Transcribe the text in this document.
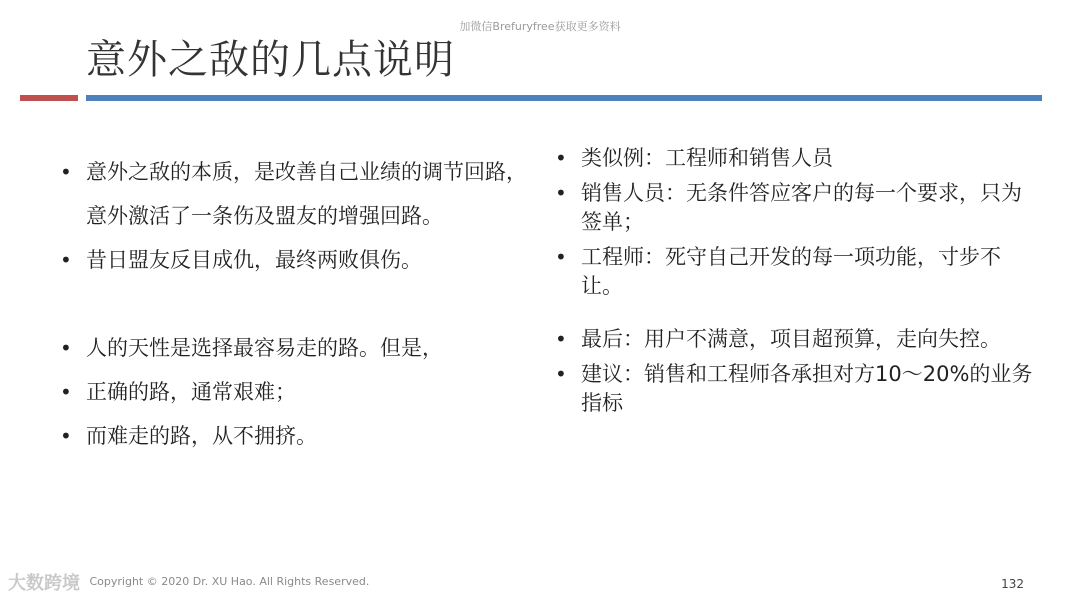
加微信Brefuryfree获取更多资料
意外之敌的几点说明
• 意外之敌的本质，是改善自己业绩的调节回路，意外激活了一条伤及盟友的增强回路。
• 昔日盟友反目成仇，最终两败俱伤。
• 人的天性是选择最容易走的路。但是，
• 正确的路，通常艰难；
• 而难走的路，从不拥挤。
• 类似例：工程师和销售人员
• 销售人员：无条件答应客户的每一个要求，只为签单；
• 工程师：死守自己开发的每一项功能，寸步不让。
• 最后：用户不满意，项目超预算，走向失控。
• 建议：销售和工程师各承担对方10～20%的业务指标
大数跨境 Copyright © 2020 Dr. XU Hao. All Rights Reserved.	132
